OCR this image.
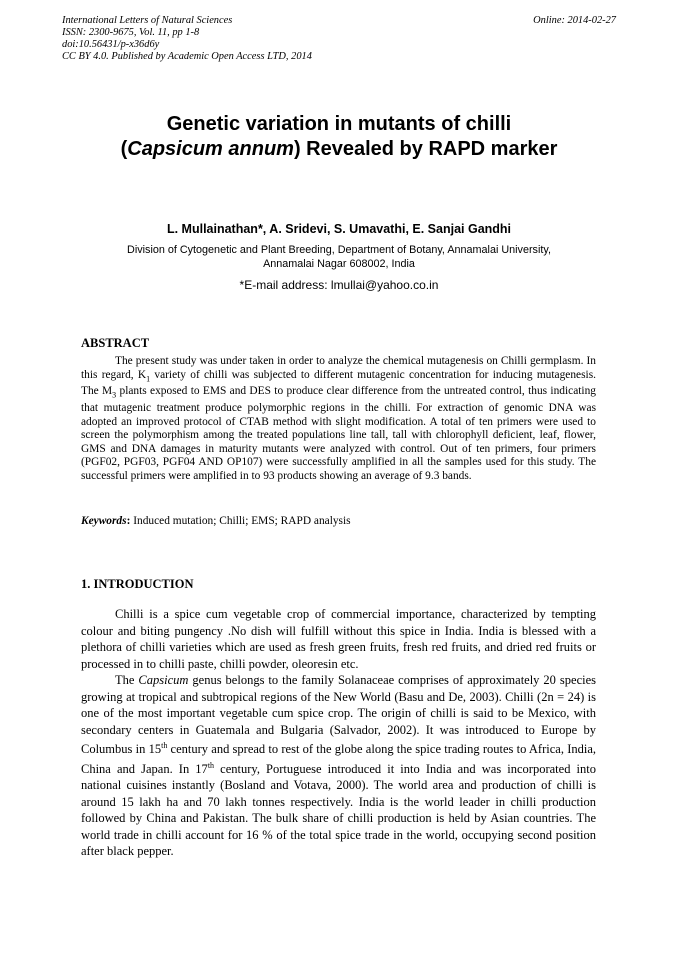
International Letters of Natural Sciences
ISSN: 2300-9675, Vol. 11, pp 1-8
doi:10.56431/p-x36d6y
CC BY 4.0. Published by Academic Open Access LTD, 2014
Online: 2014-02-27
Genetic variation in mutants of chilli
(Capsicum annum) Revealed by RAPD marker
L. Mullainathan*, A. Sridevi, S. Umavathi, E. Sanjai Gandhi
Division of Cytogenetic and Plant Breeding, Department of Botany, Annamalai University,
Annamalai Nagar 608002, India
*E-mail address: lmullai@yahoo.co.in
ABSTRACT

The present study was under taken in order to analyze the chemical mutagenesis on Chilli germplasm. In this regard, $K_1$ variety of chilli was subjected to different mutagenic concentration for inducing mutagenesis. The $M_3$ plants exposed to EMS and DES to produce clear difference from the untreated control, thus indicating that mutagenic treatment produce polymorphic regions in the chilli. For extraction of genomic DNA was adopted an improved protocol of CTAB method with slight modification. A total of ten primers were used to screen the polymorphism among the treated populations line tall, tall with chlorophyll deficient, leaf, flower, GMS and DNA damages in maturity mutants were analyzed with control. Out of ten primers, four primers (PGF02, PGF03, PGF04 AND OP107) were successfully amplified in all the samples used for this study. The successful primers were amplified in to 93 products showing an average of 9.3 bands.

Keywords: Induced mutation; Chilli; EMS; RAPD analysis
1. INTRODUCTION

Chilli is a spice cum vegetable crop of commercial importance, characterized by tempting colour and biting pungency .No dish will fulfill without this spice in India. India is blessed with a plethora of chilli varieties which are used as fresh green fruits, fresh red fruits, and dried red fruits or processed in to chilli paste, chilli powder, oleoresin etc.

The Capsicum genus belongs to the family Solanaceae comprises of approximately 20 species growing at tropical and subtropical regions of the New World (Basu and De, 2003). Chilli (2n = 24) is one of the most important vegetable cum spice crop. The origin of chilli is said to be Mexico, with secondary centers in Guatemala and Bulgaria (Salvador, 2002). It was introduced to Europe by Columbus in 15th century and spread to rest of the globe along the spice trading routes to Africa, India, China and Japan. In 17th century, Portuguese introduced it into India and was incorporated into national cuisines instantly (Bosland and Votava, 2000). The world area and production of chilli is around 15 lakh ha and 70 lakh tonnes respectively. India is the world leader in chilli production followed by China and Pakistan. The bulk share of chilli production is held by Asian countries. The world trade in chilli account for 16 % of the total spice trade in the world, occupying second position after black pepper.
